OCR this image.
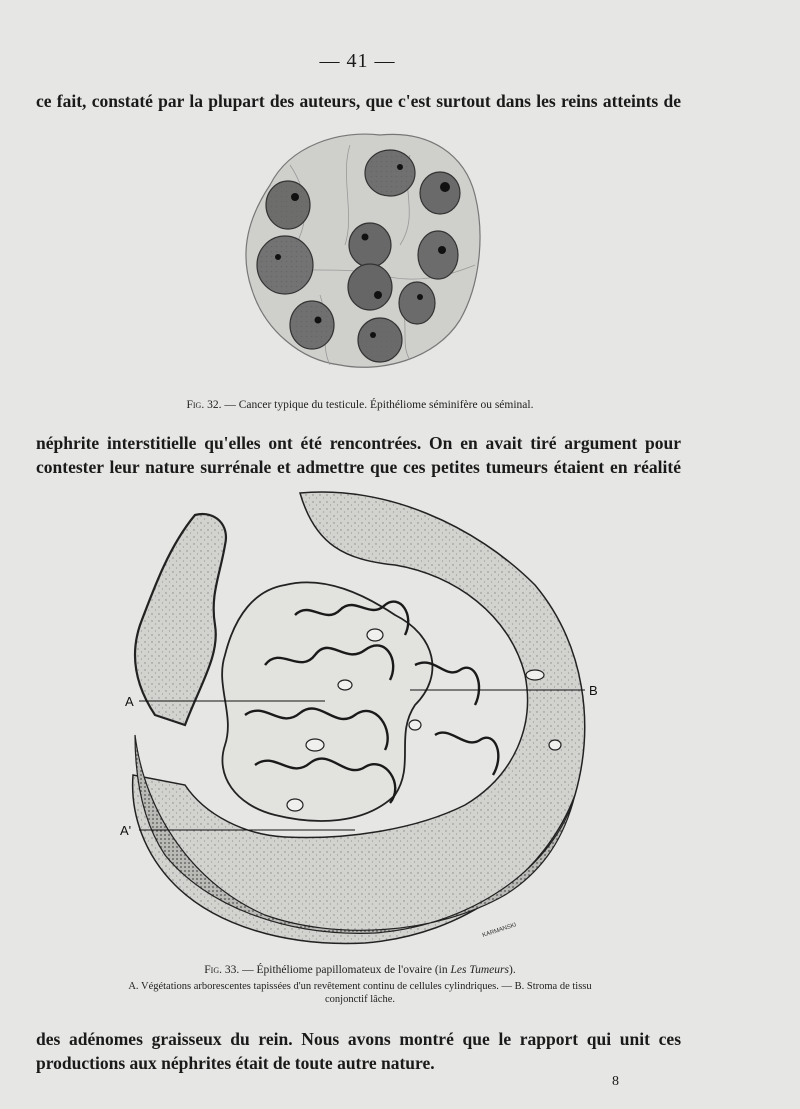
— 41 —
ce fait, constaté par la plupart des auteurs, que c'est surtout dans les reins atteints de
Fig. 32. — Cancer typique du testicule. Épithéliome séminifère ou séminal.
néphrite interstitielle qu'elles ont été rencontrées. On en avait tiré argument pour
contester leur nature surrénale et admettre que ces petites tumeurs étaient en réalité
A
B
A'
KARMANSKI
Fig. 33. — Épithéliome papillomateux de l'ovaire (in Les Tumeurs).
A. Végétations arborescentes tapissées d'un revêtement continu de cellules cylindriques. — B. Stroma de tissu
conjonctif lâche.
des adénomes graisseux du rein. Nous avons montré que le rapport qui unit ces
productions aux néphrites était de toute autre nature.
8
